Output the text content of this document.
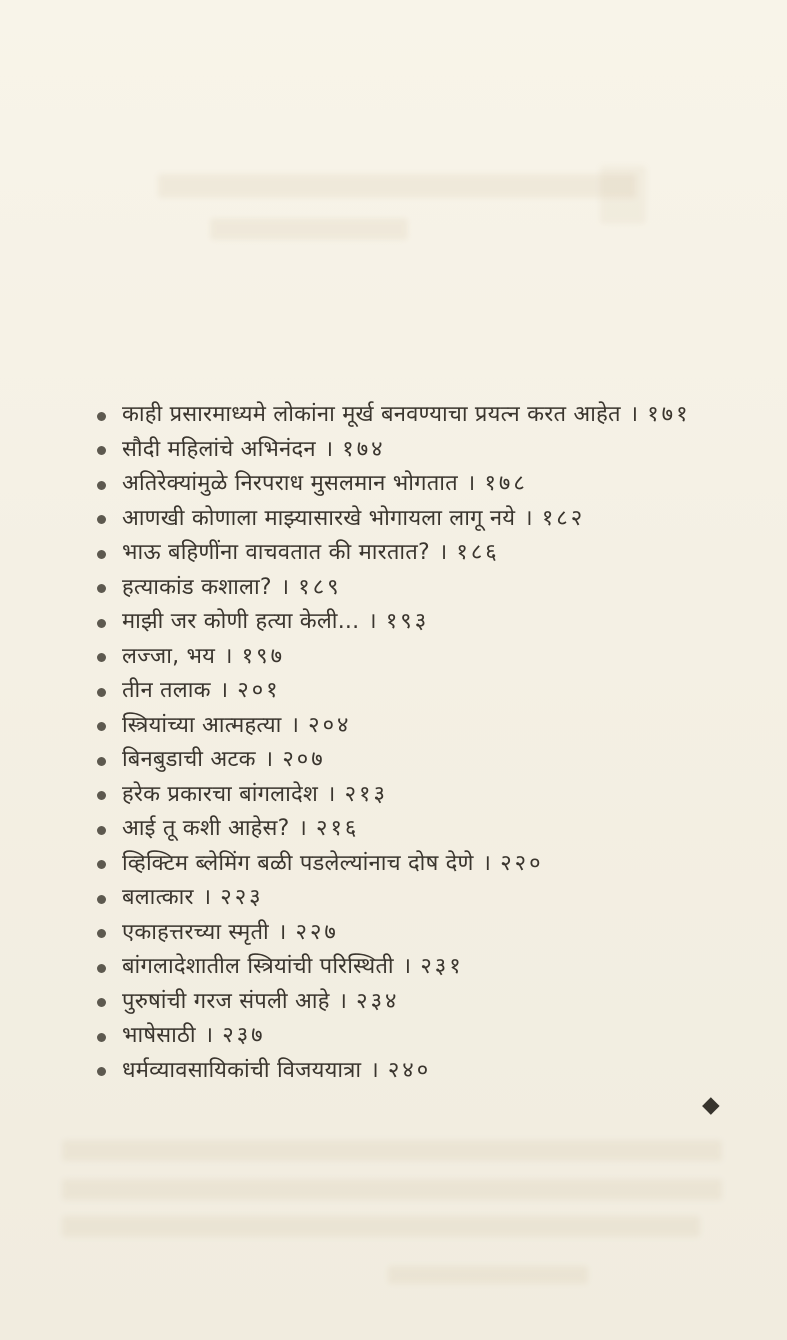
काही प्रसारमाध्यमे लोकांना मूर्ख बनवण्याचा प्रयत्न करत आहेत । १७१
सौदी महिलांचे अभिनंदन । १७४
अतिरेक्यांमुळे निरपराध मुसलमान भोगतात । १७८
आणखी कोणाला माझ्यासारखे भोगायला लागू नये । १८२
भाऊ बहिणींना वाचवतात की मारतात? । १८६
हत्याकांड कशाला? । १८९
माझी जर कोणी हत्या केली... । १९३
लज्जा, भय । १९७
तीन तलाक । २०१
स्त्रियांच्या आत्महत्या । २०४
बिनबुडाची अटक । २०७
हरेक प्रकारचा बांगलादेश । २१३
आई तू कशी आहेस? । २१६
व्हिक्टिम ब्लेमिंग बळी पडलेल्यांनाच दोष देणे । २२०
बलात्कार । २२३
एकाहत्तरच्या स्मृती । २२७
बांगलादेशातील स्त्रियांची परिस्थिती । २३१
पुरुषांची गरज संपली आहे । २३४
भाषेसाठी । २३७
धर्मव्यावसायिकांची विजययात्रा । २४०
◆
